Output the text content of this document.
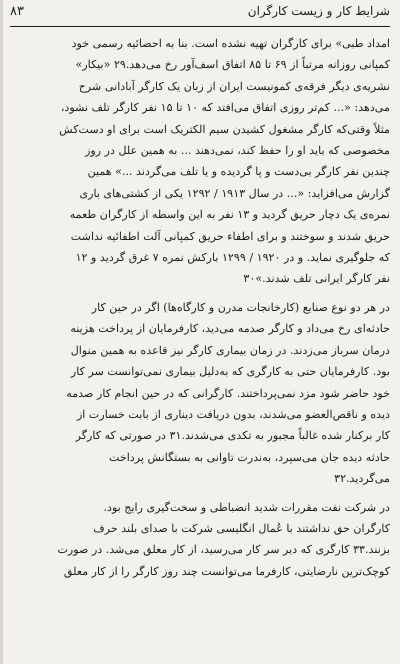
شرایط کار و زیست کارگران
۸۳

امداد طبی» برای کارگران تهیه نشده است. بنا به احصائیه رسمی خود
کمپانی روزانه مرتباً از ۶۹ تا ۸۵ اتفاق اسف‌آور رخ می‌دهد.۲۹ «بیکار»
نشریه‌ی دیگر فرقه‌ی کمونیست ایران از زبان یک کارگر آبادانی شرح
می‌دهد: «... کم‌تر روزی اتفاق می‌افتد که ۱۰ تا ۱۵ نفر کارگر تلف نشود،
مثلاً وقتی‌که کارگر مشغول کشیدن سیم الکتریک است برای او دست‌کش
مخصوصی که باید او را حفظ کند، نمی‌دهند ... به همین علل در روز
چندین نفر کارگر بی‌دست و پا گردیده و یا تلف می‌گردند ...» همین
گزارش می‌افزاید: «... در سال ۱۹۱۳ / ۱۲۹۲ یکی از کشتی‌های باری
نمره‌ی یک دچار حریق گردید و ۱۳ نفر به این واسطه از کارگران طعمه
حریق شدند و سوختند و برای اطفاء حریق کمپانی آلت اطفائیه نداشت
که جلوگیری نماید. و در ۱۹۲۰ / ۱۲۹۹ بارکش نمره ۷ غرق گردید و ۱۲
نفر کارگر ایرانی تلف شدند.»۳۰

در هر دو نوع صنایع (کارخانجات مدرن و کارگاه‌ها) اگر در حین کار
حادثه‌ای رخ می‌داد و کارگر صدمه می‌دید، کارفرمایان از پرداخت هزینه
درمان سرباز می‌زدند. در زمان بیماری کارگر نیز قاعده به همین منوال
بود. کارفرمایان حتی به کارگری که به‌دلیل بیماری نمی‌توانست سر کار
خود حاضر شود مزد نمی‌پرداختند. کارگرانی که در حین انجام کار صدمه
دیده و ناقص‌العضو می‌شدند، بدون دریافت دیناری از بابت خسارت از
کار برکنار شده غالباً مجبور به تکدی می‌شدند.۳۱ در صورتی که کارگر
حادثه دیده جان می‌سپرد، به‌ندرت تاوانی به بستگانش پرداخت
می‌گردید.۳۲

در شرکت نفت مقررات شدید انضباطی و سخت‌گیری رایج بود.
کارگران حق نداشتند با عُمال انگلیسی شرکت با صدای بلند حرف
بزنند.۳۳ کارگری که دیر سر کار می‌رسید، از کار معلق می‌شد. در صورت
کوچک‌ترین نارضایتی، کارفرما می‌توانست چند روز کارگر را از کار معلق
